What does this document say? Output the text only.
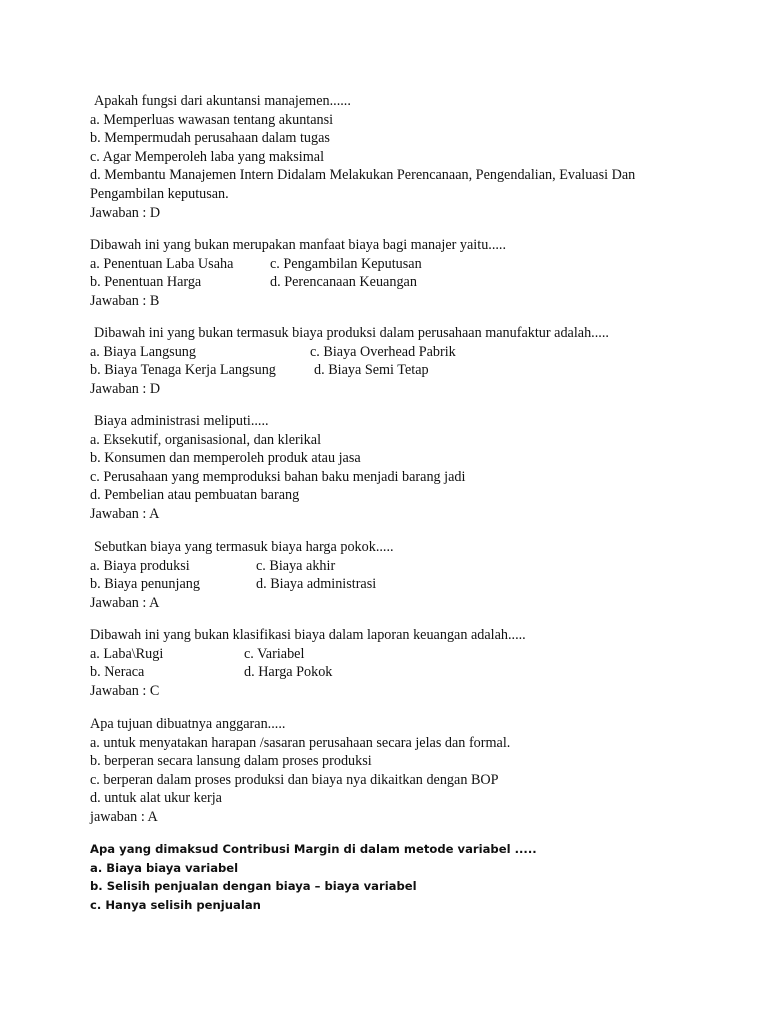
Apakah fungsi dari akuntansi manajemen......
a. Memperluas wawasan tentang akuntansi
b. Mempermudah perusahaan dalam tugas
c. Agar Memperoleh laba yang maksimal
d. Membantu Manajemen Intern Didalam Melakukan Perencanaan, Pengendalian, Evaluasi Dan
Pengambilan keputusan.
Jawaban : D
Dibawah ini yang bukan merupakan manfaat biaya bagi manajer yaitu.....
a. Penentuan Laba Usaha	c. Pengambilan Keputusan
b. Penentuan Harga	d. Perencanaan Keuangan
Jawaban : B
Dibawah ini yang bukan termasuk biaya produksi dalam perusahaan manufaktur adalah.....
a. Biaya Langsung	c. Biaya Overhead Pabrik
b. Biaya Tenaga Kerja Langsung	d. Biaya Semi Tetap
Jawaban : D
Biaya administrasi meliputi.....
a. Eksekutif, organisasional, dan klerikal
b. Konsumen dan memperoleh produk atau jasa
c. Perusahaan yang memproduksi bahan baku menjadi barang jadi
d. Pembelian atau pembuatan barang
Jawaban : A
Sebutkan biaya yang termasuk biaya harga pokok.....
a. Biaya produksi	c. Biaya akhir
b. Biaya penunjang	d. Biaya administrasi
Jawaban : A
Dibawah ini yang bukan klasifikasi biaya dalam laporan keuangan adalah.....
a. Laba\Rugi	c. Variabel
b. Neraca	d. Harga Pokok
Jawaban : C
Apa tujuan dibuatnya anggaran.....
a. untuk menyatakan harapan /sasaran perusahaan secara jelas dan formal.
b. berperan secara lansung dalam proses produksi
c. berperan dalam proses produksi dan biaya nya dikaitkan dengan BOP
d. untuk alat ukur kerja
jawaban : A
Apa yang dimaksud Contribusi Margin di dalam metode variabel .....
a. Biaya biaya variabel
b. Selisih penjualan dengan biaya – biaya variabel
c. Hanya selisih penjualan
